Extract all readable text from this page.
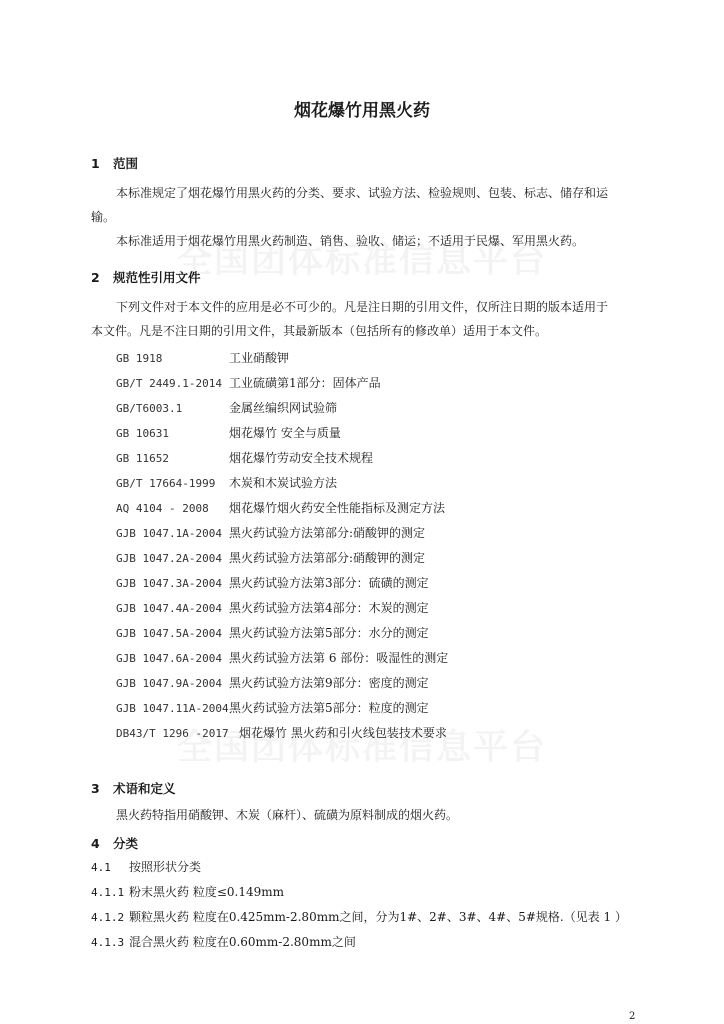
烟花爆竹用黑火药
1 范围
本标准规定了烟花爆竹用黑火药的分类、要求、试验方法、检验规则、包装、标志、储存和运
输。
本标准适用于烟花爆竹用黑火药制造、销售、验收、储运；不适用于民爆、军用黑火药。
2 规范性引用文件
下列文件对于本文件的应用是必不可少的。凡是注日期的引用文件，仅所注日期的版本适用于
本文件。凡是不注日期的引用文件，其最新版本（包括所有的修改单）适用于本文件。
GB 1918	工业硝酸钾
GB/T 2449.1-2014 工业硫磺第1部分：固体产品
GB/T6003.1	金属丝编织网试验筛
GB 10631	烟花爆竹 安全与质量
GB 11652	烟花爆竹劳动安全技术规程
GB/T 17664-1999 木炭和木炭试验方法
AQ 4104 - 2008 烟花爆竹烟火药安全性能指标及测定方法
GJB 1047.1A-2004 黑火药试验方法第部分:硝酸钾的测定
GJB 1047.2A-2004 黑火药试验方法第部分:硝酸钾的测定
GJB 1047.3A-2004 黑火药试验方法第3部分：硫磺的测定
GJB 1047.4A-2004 黑火药试验方法第4部分：木炭的测定
GJB 1047.5A-2004 黑火药试验方法第5部分：水分的测定
GJB 1047.6A-2004 黑火药试验方法第 6 部份：吸湿性的测定
GJB 1047.9A-2004 黑火药试验方法第9部分：密度的测定
GJB 1047.11A-2004黑火药试验方法第5部分：粒度的测定
DB43/T 1296 -2017 烟花爆竹 黑火药和引火线包装技术要求
3 术语和定义
黑火药特指用硝酸钾、木炭（麻杆）、硫磺为原料制成的烟火药。
4 分类
4.1 按照形状分类
4.1.1 粉末黑火药 粒度≤0.149mm
4.1.2 颗粒黑火药 粒度在0.425mm-2.80mm之间，分为1#、2#、3#、4#、5#规格.（见表 1 ）
4.1.3 混合黑火药 粒度在0.60mm-2.80mm之间
2
